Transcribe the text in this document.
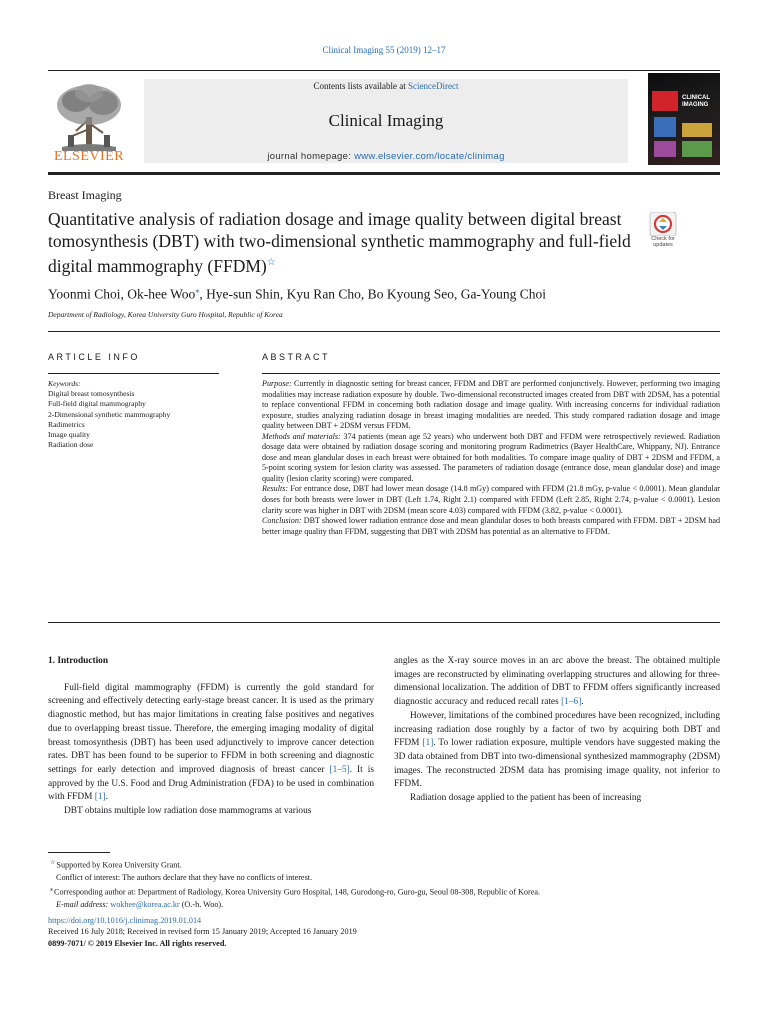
Clinical Imaging 55 (2019) 12–17
ELSEVIER
Contents lists available at ScienceDirect
Clinical Imaging
journal homepage: www.elsevier.com/locate/clinimag
CLINICAL IMAGING
Breast Imaging
Quantitative analysis of radiation dosage and image quality between digital breast tomosynthesis (DBT) with two-dimensional synthetic mammography and full-field digital mammography (FFDM)☆
Check for updates
Yoonmi Choi, Ok-hee Woo⁎, Hye-sun Shin, Kyu Ran Cho, Bo Kyoung Seo, Ga-Young Choi
Department of Radiology, Korea University Guro Hospital, Republic of Korea
ARTICLE INFO	ABSTRACT
Keywords:
Digital breast tomosynthesis
Full-field digital mammography
2-Dimensional synthetic mammography
Radimetrics
Image quality
Radiation dose

Purpose: Currently in diagnostic setting for breast cancer, FFDM and DBT are performed conjunctively. However, performing two imaging modalities may increase radiation exposure by double. Two-dimensional reconstructed images created from DBT with 2DSM, has a potential to replace conventional FFDM in concerning both radiation dosage and image quality. With increasing concerns for individual radiation exposure, studies analyzing radiation dosage in breast imaging modalities are needed. This study compared radiation dosage and image quality between DBT + 2DSM versus FFDM.

Methods and materials: 374 patients (mean age 52 years) who underwent both DBT and FFDM were retrospectively reviewed. Radiation dosage data were obtained by radiation dosage scoring and monitoring program Radimetrics (Bayer HealthCare, Whippany, NJ). Entrance dose and mean glandular doses in each breast were obtained for both modalities. To compare image quality of DBT + 2DSM and FFDM, a 5-point scoring system for lesion clarity was assessed. The parameters of radiation dosage (entrance dose, mean glandular dose) and image quality (lesion clarity scoring) were compared.

Results: For entrance dose, DBT had lower mean dosage (14.8 mGy) compared with FFDM (21.8 mGy, p-value < 0.0001). Mean glandular doses for both breasts were lower in DBT (Left 1.74, Right 2.1) compared with FFDM (Left 2.85, Right 2.74, p-value < 0.0001). Lesion clarity score was higher in DBT with 2DSM (mean score 4.03) compared with FFDM (3.82, p-value < 0.0001).

Conclusion: DBT showed lower radiation entrance dose and mean glandular doses to both breasts compared with FFDM. DBT + 2DSM had better image quality than FFDM, suggesting that DBT with 2DSM has potential as an alternative to FFDM.

1. Introduction

Full-field digital mammography (FFDM) is currently the gold standard for screening and effectively detecting early-stage breast cancer. It is used as the primary diagnostic method, but has major limitations in creating false positives and negatives due to overlapping breast tissue. Therefore, the emerging imaging modality of digital breast tomosynthesis (DBT) has been used adjunctively to improve cancer detection rates. DBT has been found to be superior to FFDM in both screening and diagnostic settings for early detection and improved diagnosis of breast cancer [1–5]. It is approved by the U.S. Food and Drug Administration (FDA) to be used in combination with FFDM [1].

DBT obtains multiple low radiation dose mammograms at various

angles as the X-ray source moves in an arc above the breast. The obtained multiple images are reconstructed by eliminating overlapping structures and allowing for three-dimensional localization. The addition of DBT to FFDM offers significantly increased diagnostic accuracy and reduced recall rates [1–6].

However, limitations of the combined procedures have been recognized, including increasing radiation dose roughly by a factor of two by acquiring both DBT and FFDM [1]. To lower radiation exposure, multiple vendors have suggested making the 3D data obtained from DBT into two-dimensional synthesized mammography (2DSM) images. The reconstructed 2DSM data has promising image quality, not inferior to FFDM.

Radiation dosage applied to the patient has been of increasing

☆Supported by Korea University Grant.
Conflict of interest: The authors declare that they have no conflicts of interest.
⁎Corresponding author at: Department of Radiology, Korea University Guro Hospital, 148, Gurodong-ro, Guro-gu, Seoul 08-308, Republic of Korea.
E-mail address: wokhee@korea.ac.kr (O.-h. Woo).
https://doi.org/10.1016/j.clinimag.2019.01.014
Received 16 July 2018; Received in revised form 15 January 2019; Accepted 16 January 2019
0899-7071/ © 2019 Elsevier Inc. All rights reserved.
